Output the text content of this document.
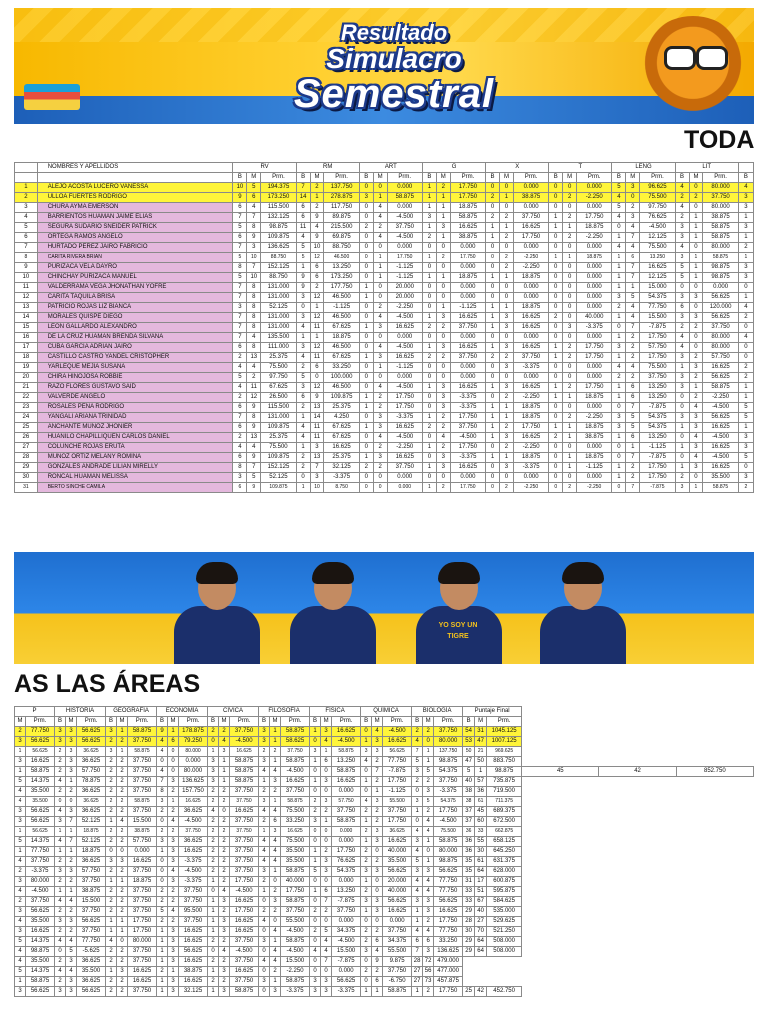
Resultado
Simulacro
Semestral
TODA
	NOMBRES Y APELLIDOS	RV			RM			ART			G			X			T			LENG			LIT			
		B	M	Prm.	B	M	Prm.	B	M	Prm.	B	M	Prm.	B	M	Prm.	B	M	Prm.	B	M	Prm.	B	M	Prm.	B
1	ALEJO ACOSTA LUCERO VANESSA	10	5	194.375	7	2	137.750	0	0	0.000	1	2	17.750	0	0	0.000	0	0	0.000	5	3	96.625	4	0	80.000	4
2	ULLOA FUERTES RODRIGO	9	6	173.250	14	1	278.875	3	1	58.875	1	1	17.750	2	1	38.875	0	2	-2.250	4	0	75.500	2	2	37.750	3
3	CHURA AYMA EMERSON	6	4	115.500	6	2	117.750	0	4	0.000	1	1	18.875	0	0	0.000	0	0	0.000	5	2	97.750	4	0	80.000	3
4	BARRIENTOS HUAMAN JAIME ELIAS	7	7	132.125	6	9	89.875	0	4	-4.500	3	1	58.875	2	2	37.750	1	2	17.750	4	3	76.625	2	1	38.875	1
5	SEGURA SUDARIO SNEIDER PATRICK	5	8	98.875	11	4	215.500	2	2	37.750	1	3	16.625	1	1	16.625	1	1	18.875	0	4	-4.500	3	1	58.875	3
6	ORTEGA RAMOS ANGELO	6	9	109.875	4	9	69.875	0	4	-4.500	2	1	38.875	1	2	17.750	0	2	-2.250	1	7	12.125	3	1	58.875	1
7	HURTADO PEREZ JAIRO FABRICIO	7	3	136.625	5	10	88.750	0	0	0.000	0	0	0.000	0	0	0.000	0	0	0.000	4	4	75.500	4	0	80.000	2
8	CARITA RIVERA BRIAN	5	10	88.750	5	12	46.500	0	1	17.750	1	2	17.750	0	2	-2.250	1	1	18.875	1	6	13.250	3	1	58.875	1
9	PURIZACA VELA DAYRO	8	7	152.125	1	6	13.250	0	1	-1.125	0	0	0.000	0	2	-2.250	0	0	0.000	1	7	16.625	5	1	98.875	3
10	CHINCHAY PURIZACA MANUEL	5	10	88.750	9	6	173.250	0	1	-1.125	1	1	18.875	1	1	18.875	0	0	0.000	1	7	12.125	5	1	98.875	3
11	VALDERRAMA VEGA JHONATHAN YOFRE	7	8	131.000	9	2	177.750	1	0	20.000	0	0	0.000	0	0	0.000	0	0	0.000	1	1	15.000	0	0	0.000	0
12	CARITA TAQUILA BRISA	7	8	131.000	3	12	46.500	1	0	20.000	0	0	0.000	0	0	0.000	0	0	0.000	3	5	54.375	3	3	56.625	1
13	PATRICIO ROJAS LIZ BIANCA	3	8	52.125	0	1	-1.125	0	2	-2.250	0	1	-1.125	1	1	18.875	0	0	0.000	2	4	77.750	6	0	120.000	4
14	MORALES QUISPE DIEGO	7	8	131.000	3	12	46.500	0	4	-4.500	1	3	16.625	1	3	16.625	2	0	40.000	1	4	15.500	3	3	56.625	2
15	LEÓN GALLARDO ALEXANDRO	7	8	131.000	4	11	67.625	1	3	16.625	2	2	37.750	1	3	16.625	0	3	-3.375	0	7	-7.875	2	2	37.750	0
16	DE LA CRUZ HUAMAN BRENDA SILVANA	7	4	135.500	1	1	18.875	0	0	0.000	0	0	0.000	0	0	0.000	0	0	0.000	1	2	17.750	4	0	80.000	4
17	CUBA GARCIA ADRIAN JAIRO	6	8	111.000	3	12	46.500	0	4	-4.500	1	3	16.625	1	3	16.625	1	2	17.750	3	2	57.750	4	0	80.000	0
18	CASTILLO CASTRO YANDEL CRISTOPHER	2	13	25.375	4	11	67.625	1	3	16.625	2	2	37.750	2	2	37.750	1	2	17.750	1	2	17.750	3	2	57.750	0
19	YARLEQUE MEJIA SUSANA	4	4	75.500	2	6	33.250	0	1	-1.125	0	0	0.000	0	3	-3.375	0	0	0.000	4	4	75.500	1	3	16.625	2
20	CHIRA HINOJOSA ROBBIE	5	2	97.750	5	0	100.000	0	0	0.000	0	0	0.000	0	0	0.000	0	0	0.000	2	2	37.750	3	2	56.625	2
21	RAZO FLORES GUSTAVO SAID	4	11	67.625	3	12	46.500	0	4	-4.500	1	3	16.625	1	3	16.625	1	2	17.750	1	6	13.250	3	1	58.875	1
22	VALVERDE ANGELO	2	12	26.500	6	9	109.875	1	2	17.750	0	3	-3.375	0	2	-2.250	1	1	18.875	1	6	13.250	0	2	-2.250	1
23	ROSALES PEÑA RODRIGO	6	9	115.500	2	13	25.375	1	2	17.750	0	3	-3.375	1	1	18.875	0	0	0.000	0	7	-7.875	0	4	-4.500	5
24	YANGALI ARIANA TRINIDAD	7	8	131.000	1	14	4.250	0	3	-3.375	1	2	17.750	1	1	18.875	0	2	-2.250	3	5	54.375	3	3	56.625	5
25	ANCHANTE MUÑOZ JHONIER	6	9	109.875	4	11	67.625	1	3	16.625	2	2	37.750	1	2	17.750	1	1	18.875	3	5	54.375	1	3	16.625	1
26	HUANILO CHAPILLIQUEN CARLOS DANIEL	2	13	25.375	4	11	67.625	0	4	-4.500	0	4	-4.500	1	3	16.625	2	1	38.875	1	6	13.250	0	4	-4.500	3
27	COLUNCHE ROJAS ERUTA	4	4	75.500	1	3	16.625	0	2	-2.250	1	2	17.750	0	2	-2.250	0	0	0.000	0	1	-1.125	1	3	16.625	3
28	MUÑOZ ORTIZ MELANY ROMINA	6	9	109.875	2	13	25.375	1	3	16.625	0	3	-3.375	1	1	18.875	0	1	18.875	0	7	-7.875	0	4	-4.500	5
29	GONZALES ANDRADE LILIAN MIRELLY	8	7	152.125	2	7	32.125	2	2	37.750	1	3	16.625	0	3	-3.375	0	1	-1.125	1	2	17.750	1	3	16.625	0
30	RONCAL HUAMAN MELISSA	3	5	52.125	0	3	-3.375	0	0	0.000	0	0	0.000	0	0	0.000	0	0	0.000	1	2	17.750	2	0	35.500	3
31	BERTO SINCHE CAMILA	6	9	109.875	1	10	8.750	0	0	0.000	1	2	17.750	0	2	-2.250	0	2	-2.250	0	7	-7.875	3	1	58.875	2
YO SOY UN TIGRE
AS LAS ÁREAS
P		HISTORIA			GEOGRAFÍA			ECONOMÍA			CÍVICA			FILOSOFÍA			FÍSICA			QUÍMICA			BIOLOGÍA			Puntaje Final					
M	Prm.	B	M	Prm.	B	M	Prm.	B	M	Prm.	B	M	Prm.	B	M	Prm.	B	M	Prm.	B	M	Prm.	B	M	Prm.	B	M	Prm.			
2	77.750	3	3	56.625	3	1	58.875	9	1	178.875	2	2	37.750	3	1	58.875	1	3	16.625	0	4	-4.500	2	2	37.750	54	31	1045.125			
3	56.625	3	3	56.625	2	2	37.750	4	6	79.250	0	4	-4.500	3	1	58.625	0	4	-4.500	1	3	16.625	4	0	80.000	53	47	1007.125			
1	56.625	2	3	36.625	3	1	58.875	4	0	80.000	1	3	16.625	2	2	37.750	3	1	58.875	3	3	56.625	7	1	137.750	50	21	969.625			
3	16.625	2	3	36.625	2	2	37.750	0	0	0.000	3	1	58.875	3	1	58.875	1	6	13.250	4	2	77.750	5	1	98.875	47	50	883.750			
1	58.875	2	3	57.750	2	2	37.750	4	0	80.000	3	1	58.875	4	4	-4.500	0	0	58.875	0	7	-7.875	3	5	54.375	5	1	98.875	45	42	852.750
5	14.375	4	1	78.875	2	2	37.750	7	3	136.625	3	1	58.875	1	3	16.625	1	3	16.625	1	2	17.750	2	2	37.750	40	57	735.875			
4	35.500	2	2	36.625	2	2	37.750	8	2	157.750	2	2	37.750	2	2	37.750	0	0	0.000	0	1	-1.125	0	3	-3.375	38	36	719.500			
4	35.500	0	0	36.625	2	2	58.875	3	1	16.625	2	2	37.750	3	1	58.875	2	3	57.750	4	3	55.500	3	5	54.375	38	61	711.375			
3	56.625	4	3	36.625	2	2	37.750	2	2	36.625	4	0	16.625	4	4	75.500	2	2	37.750	2	2	37.750	1	2	17.750	37	45	689.375			
3	56.625	3	7	52.125	1	4	15.500	0	4	-4.500	2	2	37.750	2	6	33.250	3	1	58.875	1	2	17.750	0	4	-4.500	37	60	672.500			
1	56.625	1	1	18.875	2	2	38.875	2	2	37.750	2	2	37.750	1	3	16.625	0	0	0.000	2	3	36.625	4	4	75.500	36	33	662.875			
5	14.375	4	7	52.125	2	2	57.750	3	3	36.625	2	2	37.750	4	4	75.500	0	0	0.000	1	3	16.625	3	1	58.875	36	55	658.125			
1	77.750	1	1	18.875	0	0	0.000	1	3	16.625	2	2	37.750	4	4	35.500	1	2	17.750	2	0	40.000	4	0	80.000	36	30	645.250			
4	37.750	2	2	36.625	3	3	16.625	0	3	-3.375	2	2	37.750	4	4	35.500	1	3	76.625	2	2	35.500	5	1	98.875	35	61	631.375			
2	-3.375	3	3	57.750	2	2	37.750	0	4	-4.500	2	2	37.750	3	1	58.875	5	3	54.375	3	3	56.625	3	3	56.625	35	64	628.000			
3	80.000	2	2	37.750	1	1	18.875	0	3	-3.375	1	2	17.750	2	0	40.000	0	0	0.000	1	0	20.000	4	4	77.750	31	17	600.875			
4	-4.500	1	1	38.875	2	2	37.750	2	2	37.750	0	4	-4.500	1	2	17.750	1	6	13.250	2	0	40.000	4	4	77.750	33	51	595.875			
2	37.750	4	4	15.500	2	2	37.750	2	2	37.750	1	3	16.625	0	3	58.875	0	7	-7.875	3	3	56.625	3	3	56.625	33	67	584.625			
3	56.625	2	2	37.750	2	2	37.750	5	4	95.500	1	2	17.750	2	2	37.750	2	2	37.750	1	3	16.625	1	3	16.625	29	40	535.000			
4	35.500	3	3	56.625	1	1	17.750	2	2	37.750	1	3	16.625	4	0	55.500	0	0	0.000	0	0	0.000	1	2	17.750	28	27	529.625			
3	16.625	2	2	37.750	1	1	17.750	1	3	16.625	1	3	16.625	0	4	-4.500	2	5	34.375	2	2	37.750	4	4	77.750	30	70	521.250			
5	14.375	4	4	77.750	4	0	80.000	1	3	16.625	2	2	37.750	3	1	58.875	0	4	-4.500	2	6	34.375	6	6	33.250	29	64	508.000			
4	98.875	0	5	-5.625	2	2	37.750	1	3	56.625	0	4	-4.500	0	4	-4.500	4	4	15.500	3	4	55.500	7	3	136.625	29	64	508.000			
4	35.500	2	3	36.625	2	2	37.750	1	3	16.625	2	2	37.750	4	4	15.500	0	7	-7.875	0	9	9.875	28	72	479.000						
5	14.375	4	4	35.500	1	3	16.625	2	1	38.875	1	3	16.625	0	2	-2.250	0	0	0.000	2	2	37.750	27	56	477.000						
1	58.875	2	3	36.625	2	2	16.625	1	3	16.625	2	2	37.750	3	1	58.875	3	3	56.625	0	6	-6.750	27	73	457.875						
3	56.625	3	3	56.625	2	2	37.750	1	3	32.125	1	3	58.875	0	3	-3.375	3	3	-3.375	1	1	58.875	1	2	17.750	25	42	452.750			
